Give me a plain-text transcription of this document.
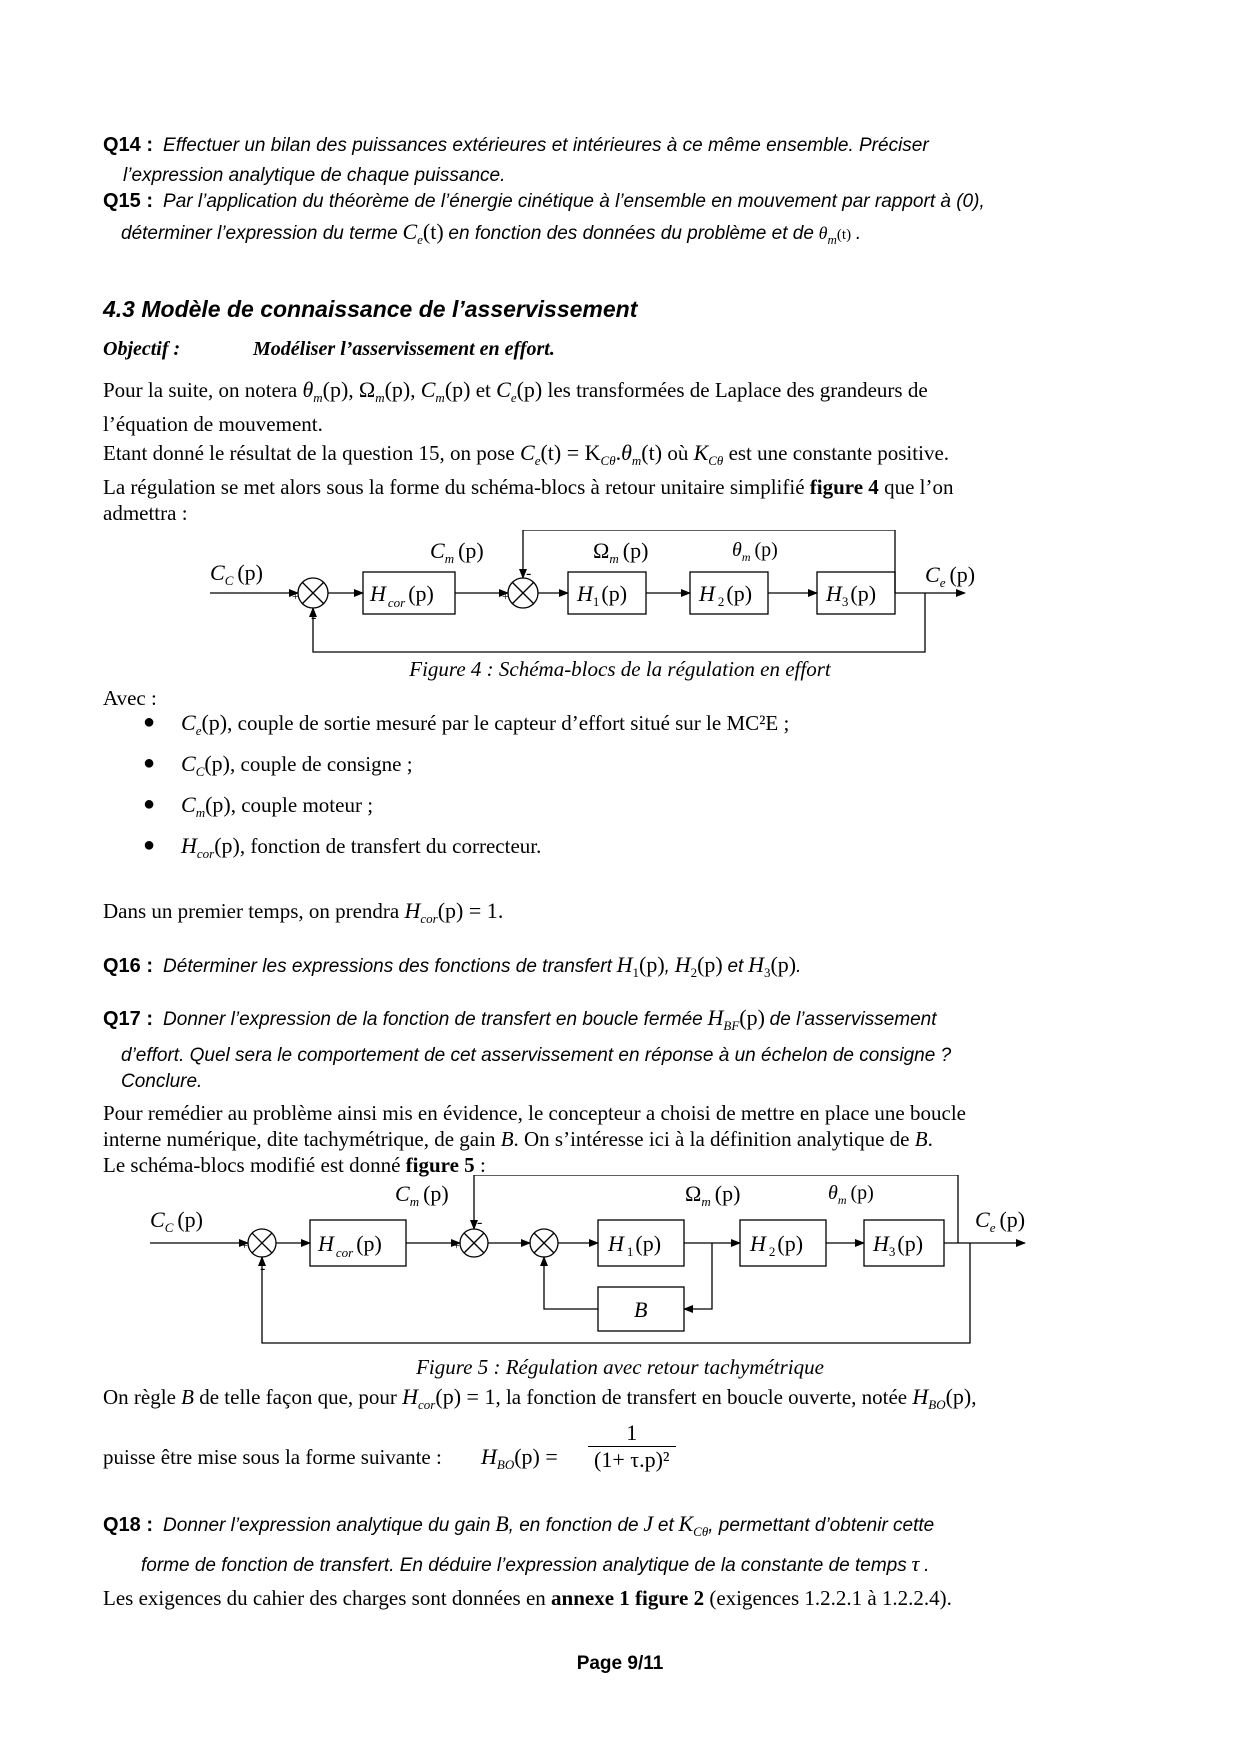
Q14 : Effectuer un bilan des puissances extérieures et intérieures à ce même ensemble. Préciser
l’expression analytique de chaque puissance.
Q15 : Par l’application du théorème de l’énergie cinétique à l’ensemble en mouvement par rapport à (0),
déterminer l’expression du terme $C_e(t)$ en fonction des données du problème et de $\theta_m(t)$ .
4.3 Modèle de connaissance de l’asservissement
Objectif :	Modéliser l’asservissement en effort.
Pour la suite, on notera $\theta_m(p)$, $\Omega_m(p)$, $C_m(p)$ et $C_e(p)$ les transformées de Laplace des grandeurs de
l’équation de mouvement.
Etant donné le résultat de la question 15, on pose $C_e(t) = K_{C\theta}.\theta_m(t)$ où $K_{C\theta}$ est une constante positive.
La régulation se met alors sous la forme du schéma-blocs à retour unitaire simplifié figure 4 que l’on
admettra :
$C_C$ (p)
$C_m$ (p)	$\Omega_m$ (p)	$\theta_m$ (p)
$C_e$ (p)
H $_{cor}$ (p)	$H_1(p)$	H $_2$(p)	$H_3(p)$
+
-
+
-
Figure 4 : Schéma-blocs de la régulation en effort
Avec :
● $C_e(p)$, couple de sortie mesuré par le capteur d’effort situé sur le MC²E ;
● $C_C(p)$, couple de consigne ;
● $C_m(p)$, couple moteur ;
● $H_{cor}(p)$, fonction de transfert du correcteur.
Dans un premier temps, on prendra $H_{cor}(p) = 1$.
Q16 : Déterminer les expressions des fonctions de transfert $H_1(p)$, $H_2(p)$ et $H_3(p)$.
Q17 : Donner l’expression de la fonction de transfert en boucle fermée $H_{BF}(p)$ de l’asservissement
d’effort. Quel sera le comportement de cet asservissement en réponse à un échelon de consigne ?
Conclure.
Pour remédier au problème ainsi mis en évidence, le concepteur a choisi de mettre en place une boucle
interne numérique, dite tachymétrique, de gain B. On s’intéresse ici à la définition analytique de B.
Le schéma-blocs modifié est donné figure 5 :
$C_C$ (p)
$C_m$ (p)	$\Omega_m$ (p)	$\theta_m$ (p)
$C_e$ (p)
H $_{cor}$ (p)	H $_1$(p)	H $_2$(p)	$H_3(p)$
B
+
-
+
-
Figure 5 : Régulation avec retour tachymétrique
On règle B de telle façon que, pour $H_{cor}(p) = 1$, la fonction de transfert en boucle ouverte, notée $H_{BO}(p)$,
puisse être mise sous la forme suivante : $H_{BO}(p) = \frac{1}{\text{(1+ τ.p)²}}$
Q18 : Donner l’expression analytique du gain B, en fonction de J et $K_{C\theta}$, permettant d’obtenir cette
forme de fonction de transfert. En déduire l’expression analytique de la constante de temps τ .
Les exigences du cahier des charges sont données en annexe 1 figure 2 (exigences 1.2.2.1 à 1.2.2.4).
Page 9/11
